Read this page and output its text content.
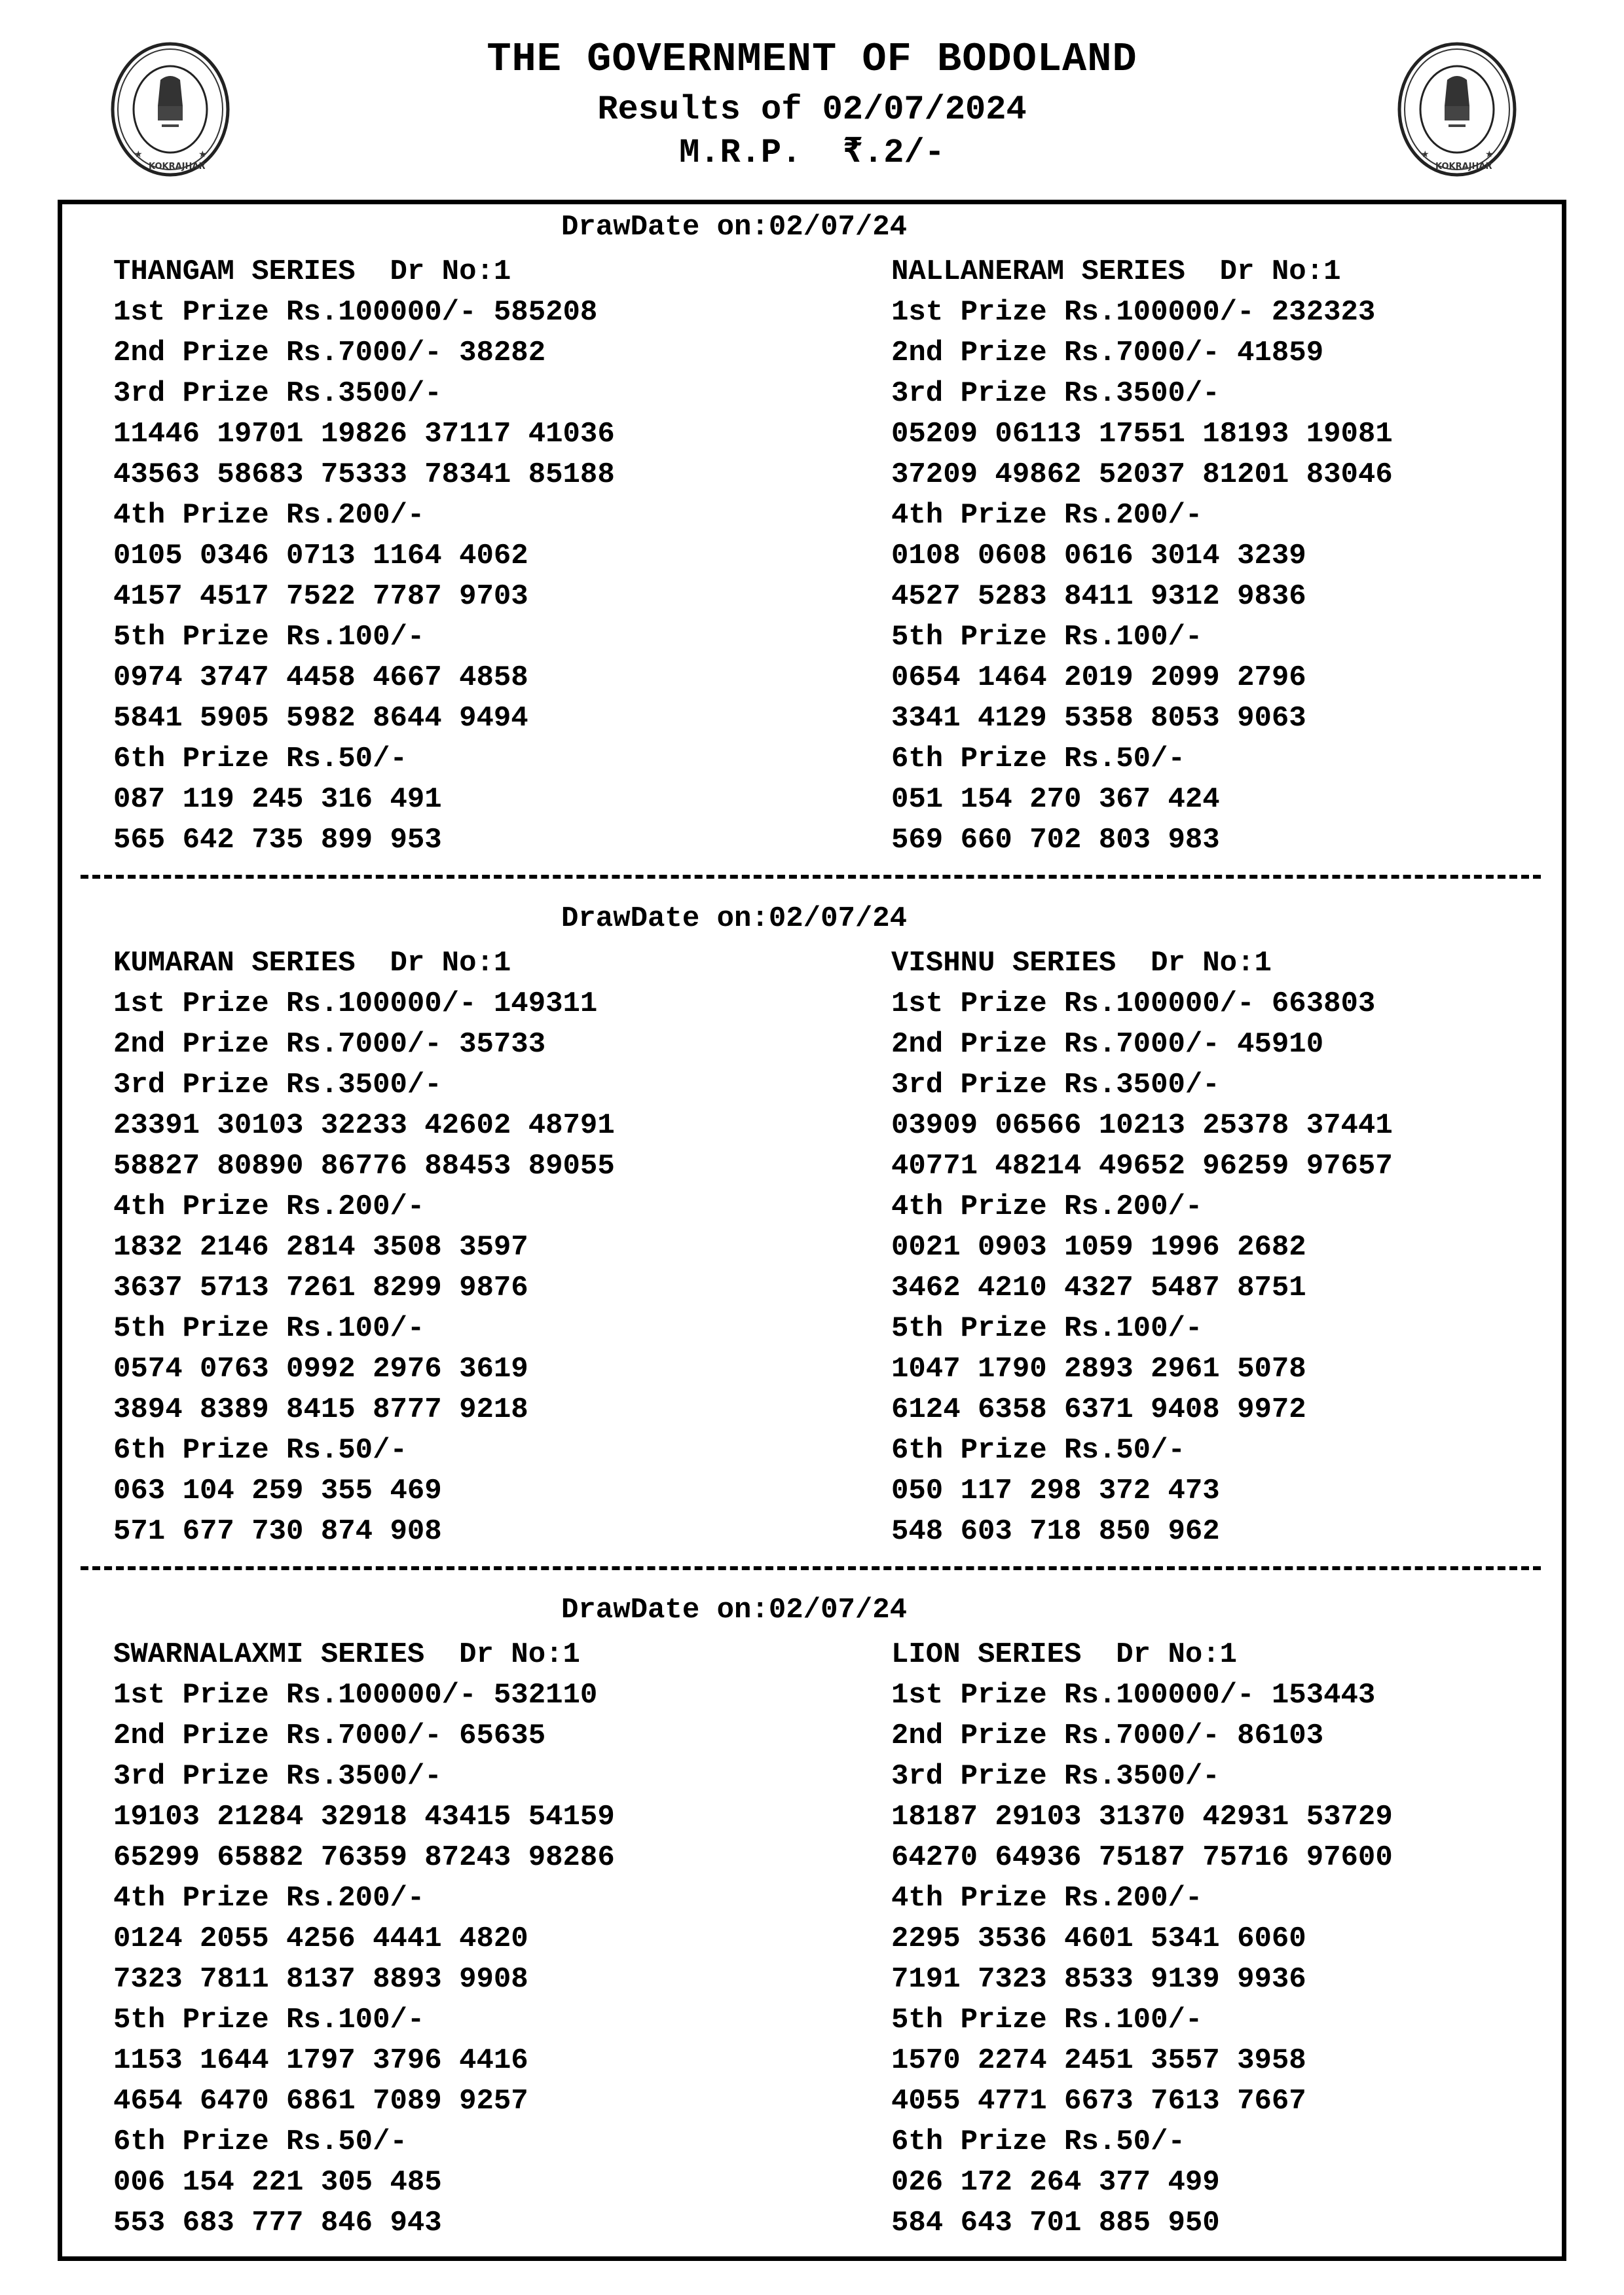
★	★
KOKRAJHAR
★	★
KOKRAJHAR
THE GOVERNMENT OF BODOLAND
Results of 02/07/2024
M.R.P.  ₹.2/-
DrawDate on:02/07/24
THANGAM SERIES  Dr No:1
1st Prize Rs.100000/- 585208
2nd Prize Rs.7000/- 38282
3rd Prize Rs.3500/-
11446 19701 19826 37117 41036
43563 58683 75333 78341 85188
4th Prize Rs.200/-
0105 0346 0713 1164 4062
4157 4517 7522 7787 9703
5th Prize Rs.100/-
0974 3747 4458 4667 4858
5841 5905 5982 8644 9494
6th Prize Rs.50/-
087 119 245 316 491
565 642 735 899 953
NALLANERAM SERIES  Dr No:1
1st Prize Rs.100000/- 232323
2nd Prize Rs.7000/- 41859
3rd Prize Rs.3500/-
05209 06113 17551 18193 19081
37209 49862 52037 81201 83046
4th Prize Rs.200/-
0108 0608 0616 3014 3239
4527 5283 8411 9312 9836
5th Prize Rs.100/-
0654 1464 2019 2099 2796
3341 4129 5358 8053 9063
6th Prize Rs.50/-
051 154 270 367 424
569 660 702 803 983
DrawDate on:02/07/24
KUMARAN SERIES  Dr No:1
1st Prize Rs.100000/- 149311
2nd Prize Rs.7000/- 35733
3rd Prize Rs.3500/-
23391 30103 32233 42602 48791
58827 80890 86776 88453 89055
4th Prize Rs.200/-
1832 2146 2814 3508 3597
3637 5713 7261 8299 9876
5th Prize Rs.100/-
0574 0763 0992 2976 3619
3894 8389 8415 8777 9218
6th Prize Rs.50/-
063 104 259 355 469
571 677 730 874 908
VISHNU SERIES  Dr No:1
1st Prize Rs.100000/- 663803
2nd Prize Rs.7000/- 45910
3rd Prize Rs.3500/-
03909 06566 10213 25378 37441
40771 48214 49652 96259 97657
4th Prize Rs.200/-
0021 0903 1059 1996 2682
3462 4210 4327 5487 8751
5th Prize Rs.100/-
1047 1790 2893 2961 5078
6124 6358 6371 9408 9972
6th Prize Rs.50/-
050 117 298 372 473
548 603 718 850 962
DrawDate on:02/07/24
SWARNALAXMI SERIES  Dr No:1
1st Prize Rs.100000/- 532110
2nd Prize Rs.7000/- 65635
3rd Prize Rs.3500/-
19103 21284 32918 43415 54159
65299 65882 76359 87243 98286
4th Prize Rs.200/-
0124 2055 4256 4441 4820
7323 7811 8137 8893 9908
5th Prize Rs.100/-
1153 1644 1797 3796 4416
4654 6470 6861 7089 9257
6th Prize Rs.50/-
006 154 221 305 485
553 683 777 846 943
LION SERIES  Dr No:1
1st Prize Rs.100000/- 153443
2nd Prize Rs.7000/- 86103
3rd Prize Rs.3500/-
18187 29103 31370 42931 53729
64270 64936 75187 75716 97600
4th Prize Rs.200/-
2295 3536 4601 5341 6060
7191 7323 8533 9139 9936
5th Prize Rs.100/-
1570 2274 2451 3557 3958
4055 4771 6673 7613 7667
6th Prize Rs.50/-
026 172 264 377 499
584 643 701 885 950
